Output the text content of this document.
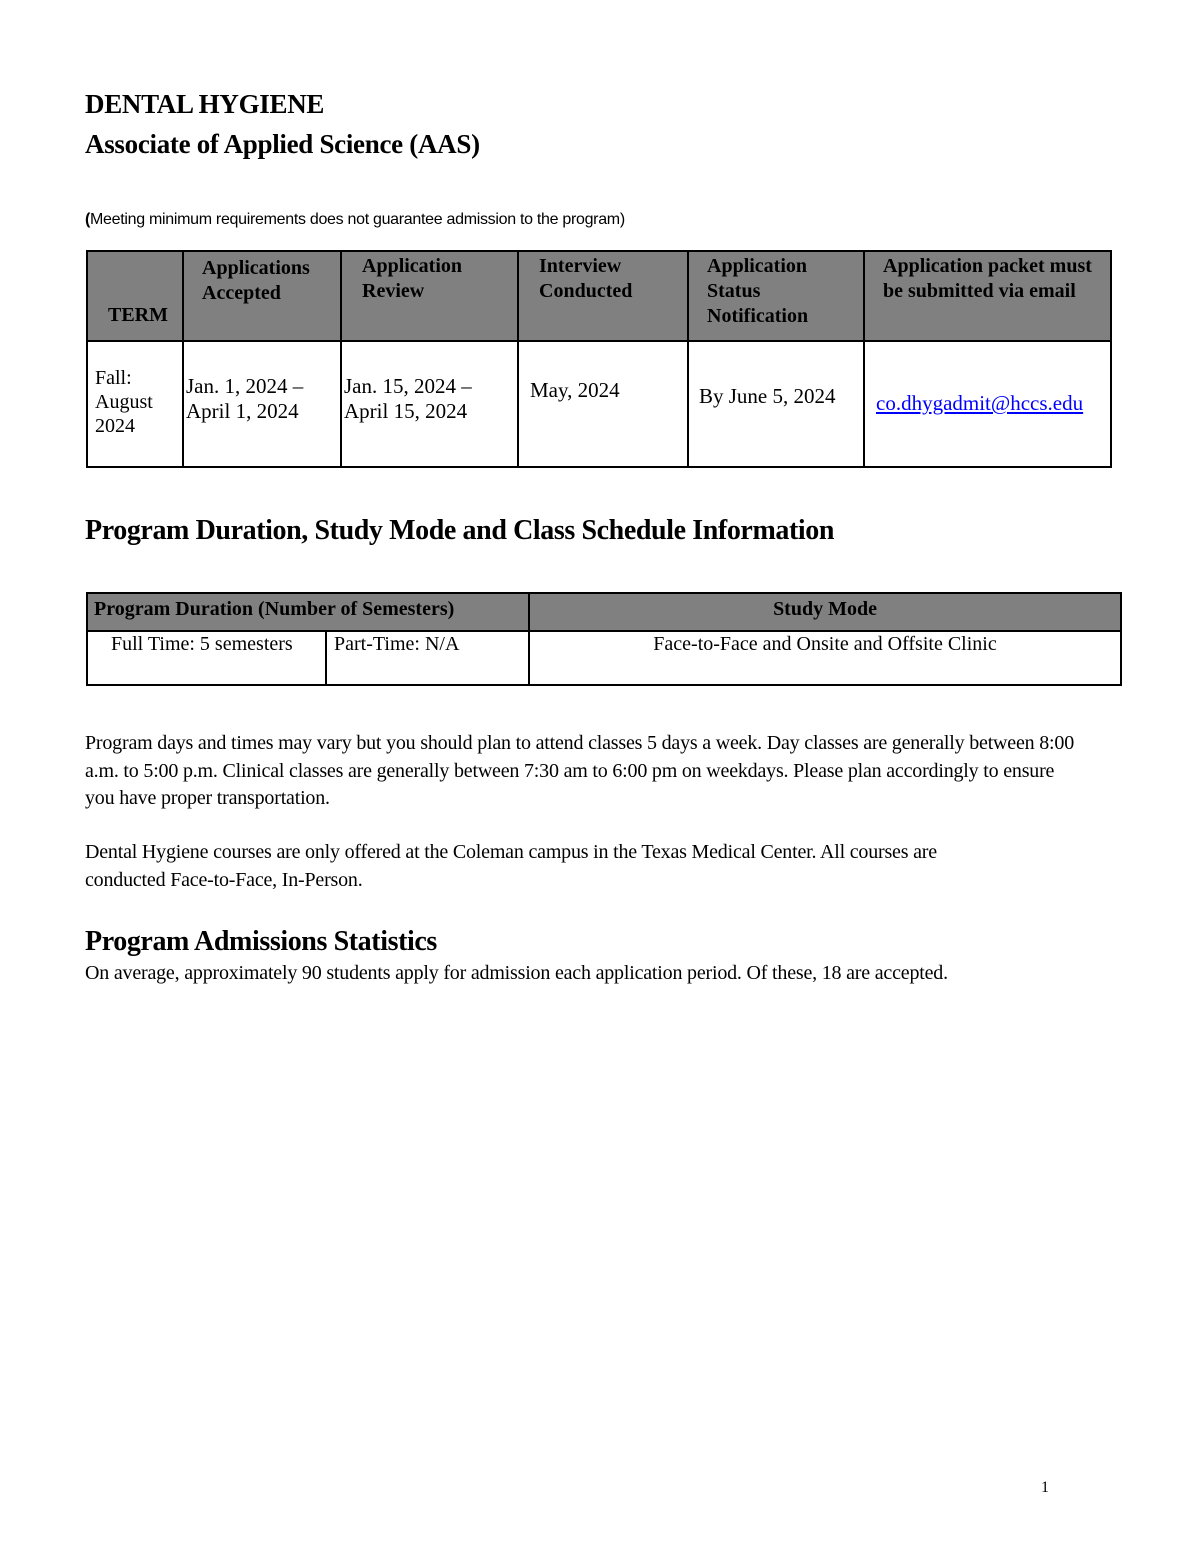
DENTAL HYGIENE
Associate of Applied Science (AAS)
(Meeting minimum requirements does not guarantee admission to the program)
TERM	Applications Accepted	Application Review	Interview Conducted	Application Status Notification	Application packet must be submitted via email
Fall: August 2024	Jan. 1, 2024 – April 1, 2024	Jan. 15, 2024 – April 15, 2024	May, 2024	By June 5, 2024	co.dhygadmit@hccs.edu
Program Duration, Study Mode and Class Schedule Information
Program Duration (Number of Semesters)		Study Mode
Full Time: 5 semesters	Part-Time: N/A	Face-to-Face and Onsite and Offsite Clinic
Program days and times may vary but you should plan to attend classes 5 days a week. Day classes are generally between 8:00 a.m. to 5:00 p.m. Clinical classes are generally between 7:30 am to 6:00 pm on weekdays. Please plan accordingly to ensure you have proper transportation.
Dental Hygiene courses are only offered at the Coleman campus in the Texas Medical Center. All courses are conducted Face-to-Face, In-Person.
Program Admissions Statistics
On average, approximately 90 students apply for admission each application period. Of these, 18 are accepted.
1
